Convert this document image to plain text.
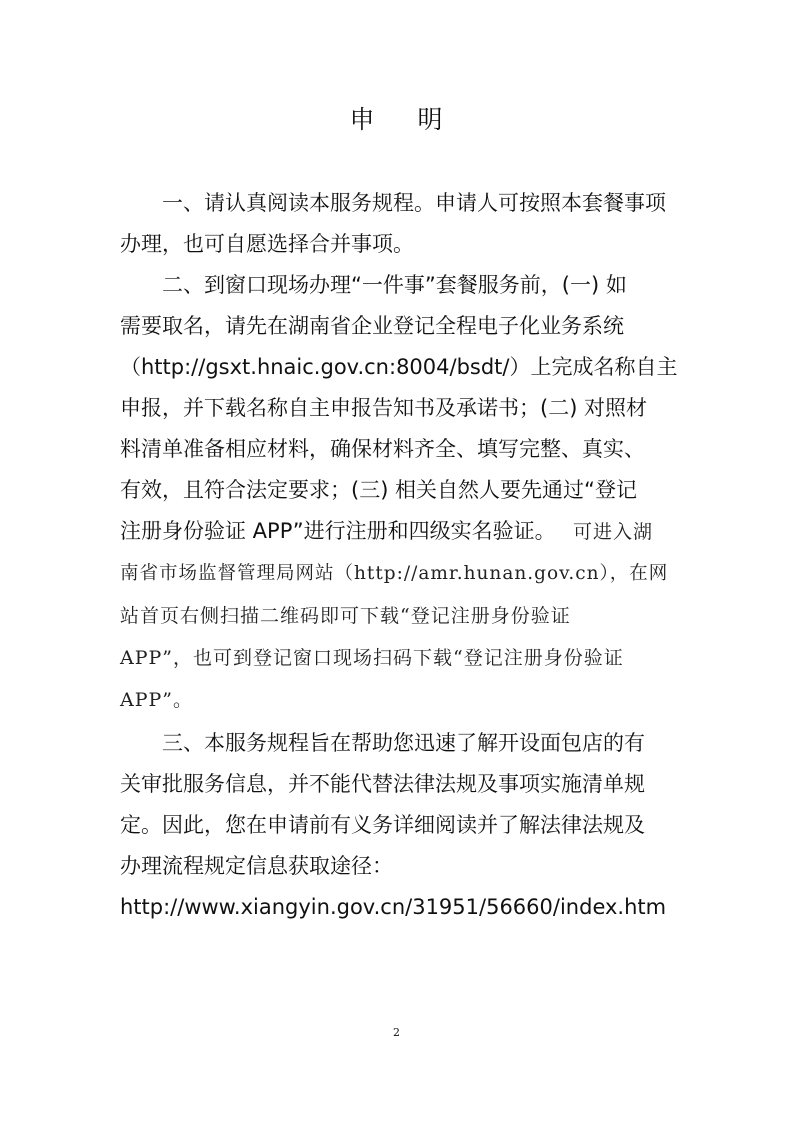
申 明
一、请认真阅读本服务规程。申请人可按照本套餐事项
办理，也可自愿选择合并事项。
二、到窗口现场办理“一件事”套餐服务前，(一) 如
需要取名，请先在湖南省企业登记全程电子化业务系统
（http://gsxt.hnaic.gov.cn:8004/bsdt/）上完成名称自主
申报，并下载名称自主申报告知书及承诺书；(二) 对照材
料清单准备相应材料，确保材料齐全、填写完整、真实、
有效，且符合法定要求；(三) 相关自然人要先通过“登记
注册身份验证 APP”进行注册和四级实名验证。 可进入湖
南省市场监督管理局网站（http://amr.hunan.gov.cn），在网
站首页右侧扫描二维码即可下载“登记注册身份验证
APP”，也可到登记窗口现场扫码下载“登记注册身份验证
APP”。
三、本服务规程旨在帮助您迅速了解开设面包店的有
关审批服务信息，并不能代替法律法规及事项实施清单规
定。因此，您在申请前有义务详细阅读并了解法律法规及
办理流程规定信息获取途径：
http://www.xiangyin.gov.cn/31951/56660/index.htm
2
